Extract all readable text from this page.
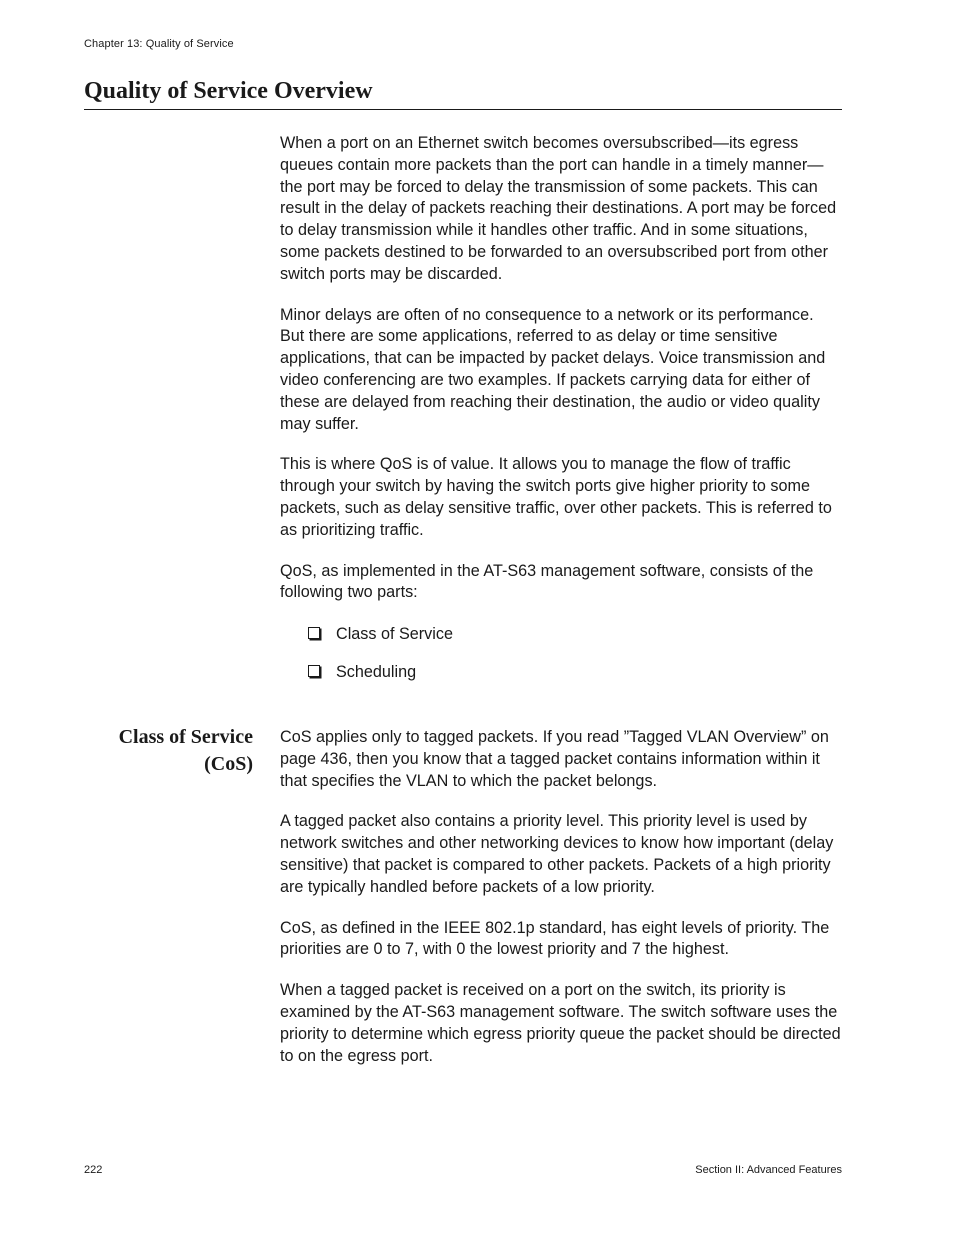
Chapter 13: Quality of Service
Quality of Service Overview

When a port on an Ethernet switch becomes oversubscribed—its egress queues contain more packets than the port can handle in a timely manner—the port may be forced to delay the transmission of some packets. This can result in the delay of packets reaching their destinations. A port may be forced to delay transmission while it handles other traffic. And in some situations, some packets destined to be forwarded to an oversubscribed port from other switch ports may be discarded.

Minor delays are often of no consequence to a network or its performance. But there are some applications, referred to as delay or time sensitive applications, that can be impacted by packet delays. Voice transmission and video conferencing are two examples. If packets carrying data for either of these are delayed from reaching their destination, the audio or video quality may suffer.

This is where QoS is of value. It allows you to manage the flow of traffic through your switch by having the switch ports give higher priority to some packets, such as delay sensitive traffic, over other packets. This is referred to as prioritizing traffic.

QoS, as implemented in the AT-S63 management software, consists of the following two parts:

Class of Service
Scheduling
Class of Service
(CoS)

CoS applies only to tagged packets. If you read ”Tagged VLAN Overview” on page 436, then you know that a tagged packet contains information within it that specifies the VLAN to which the packet belongs.

A tagged packet also contains a priority level. This priority level is used by network switches and other networking devices to know how important (delay sensitive) that packet is compared to other packets. Packets of a high priority are typically handled before packets of a low priority.

CoS, as defined in the IEEE 802.1p standard, has eight levels of priority. The priorities are 0 to 7, with 0 the lowest priority and 7 the highest.

When a tagged packet is received on a port on the switch, its priority is examined by the AT-S63 management software. The switch software uses the priority to determine which egress priority queue the packet should be directed to on the egress port.

222	Section II: Advanced Features
